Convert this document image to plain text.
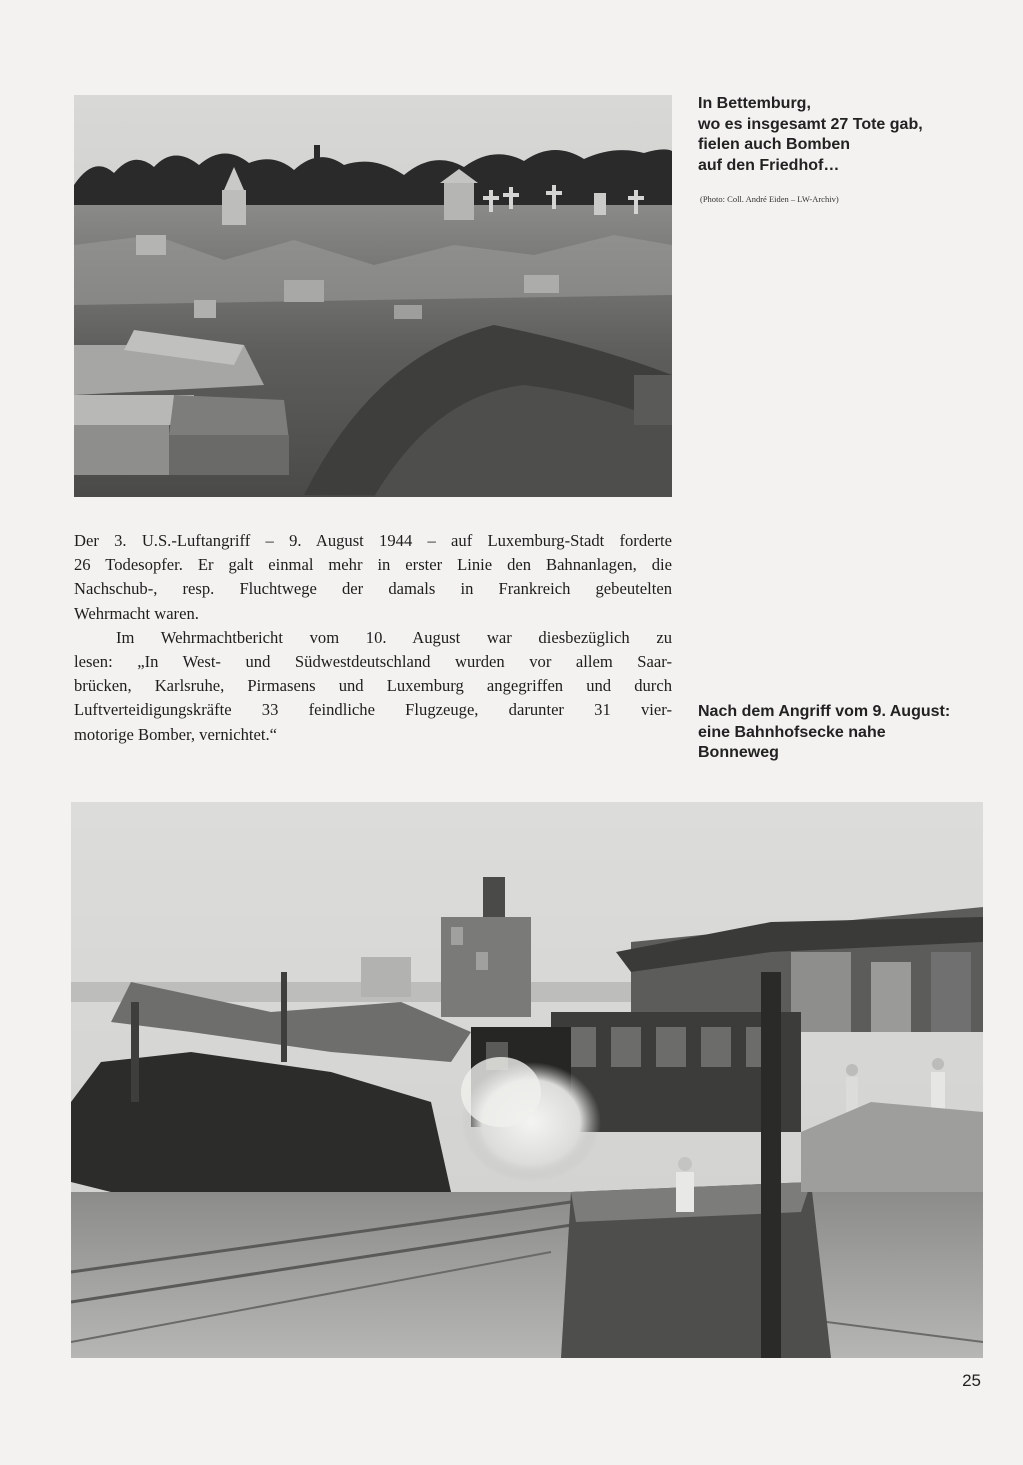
In Bettemburg,
wo es insgesamt 27 Tote gab,
fielen auch Bomben
auf den Friedhof…
(Photo: Coll. André Eiden – LW-Archiv)

Der 3. U.S.-Luftangriff – 9. August 1944 – auf Luxemburg-Stadt forderte
26 Todesopfer. Er galt einmal mehr in erster Linie den Bahnanlagen, die
Nachschub-, resp. Fluchtwege der damals in Frankreich gebeutelten
Wehrmacht waren.

Im Wehrmachtbericht vom 10. August war diesbezüglich zu
lesen: „In West- und Südwestdeutschland wurden vor allem Saar-
brücken, Karlsruhe, Pirmasens und Luxemburg angegriffen und durch
Luftverteidigungskräfte 33 feindliche Flugzeuge, darunter 31 vier-
motorige Bomber, vernichtet.“

Nach dem Angriff vom 9. August:
eine Bahnhofsecke nahe
Bonneweg
25
